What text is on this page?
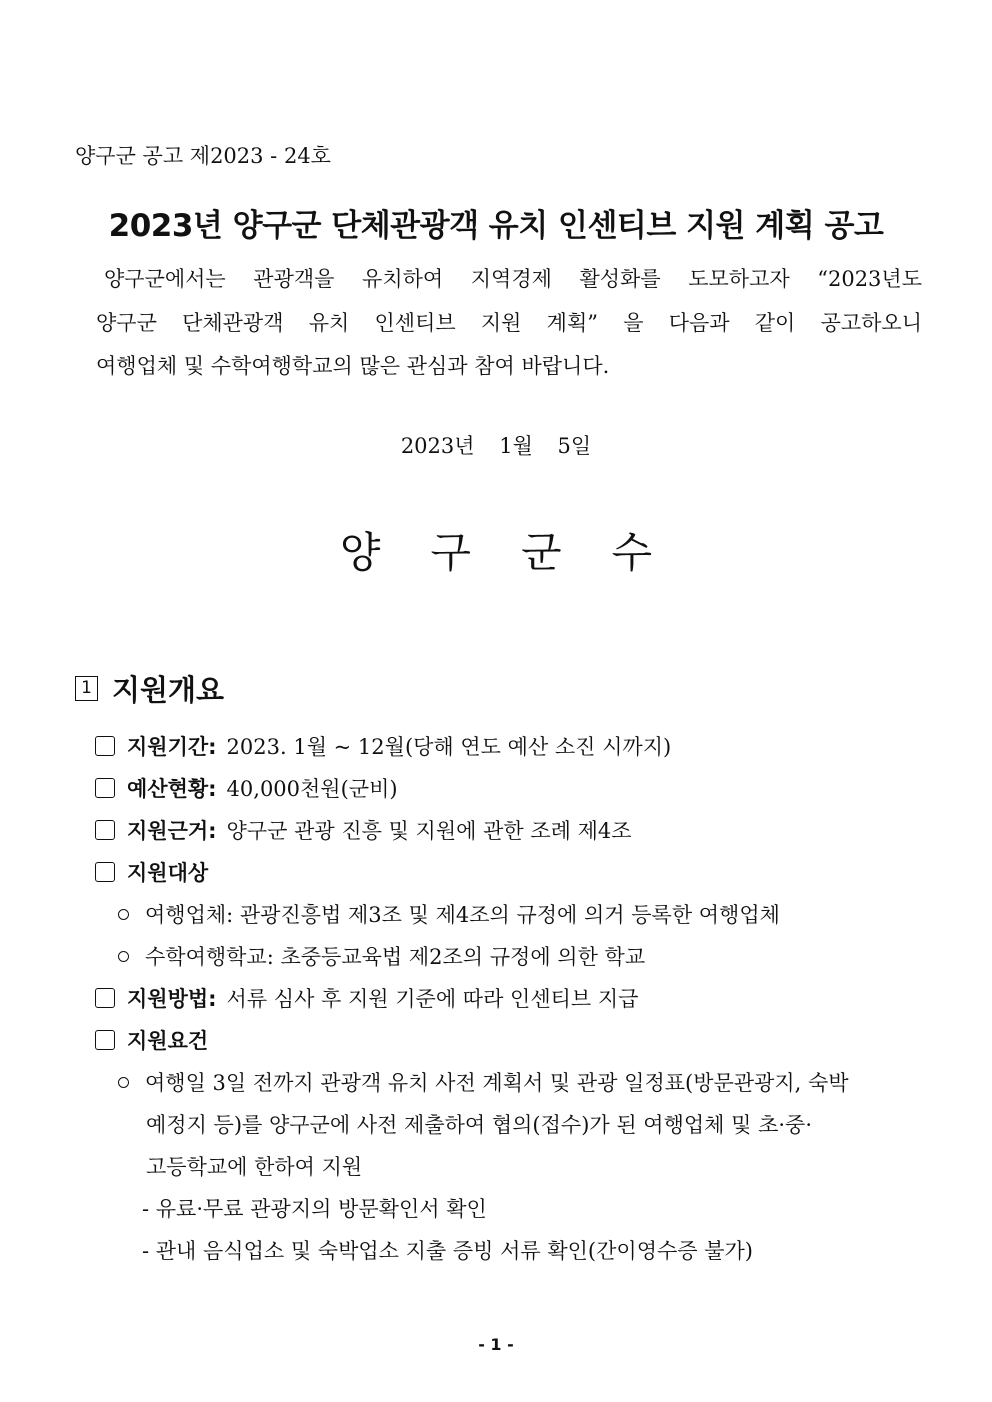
양구군 공고 제2023 - 24호
2023년 양구군 단체관광객 유치 인센티브 지원 계획 공고
양구군에서는 관광객을 유치하여 지역경제 활성화를 도모하고자 “2023년도
양구군 단체관광객 유치 인센티브 지원 계획” 을 다음과 같이 공고하오니
여행업체 및 수학여행학교의 많은 관심과 참여 바랍니다.
2023년 1월 5일
양구군수
1 지원개요
지원기간: 2023. 1월 ~ 12월(당해 연도 예산 소진 시까지)
예산현황: 40,000천원(군비)
지원근거: 양구군 관광 진흥 및 지원에 관한 조례 제4조
지원대상
여행업체: 관광진흥법 제3조 및 제4조의 규정에 의거 등록한 여행업체
수학여행학교: 초중등교육법 제2조의 규정에 의한 학교
지원방법: 서류 심사 후 지원 기준에 따라 인센티브 지급
지원요건
여행일 3일 전까지 관광객 유치 사전 계획서 및 관광 일정표(방문관광지, 숙박
예정지 등)를 양구군에 사전 제출하여 협의(접수)가 된 여행업체 및 초·중·
고등학교에 한하여 지원
- 유료·무료 관광지의 방문확인서 확인
- 관내 음식업소 및 숙박업소 지출 증빙 서류 확인(간이영수증 불가)
- 1 -
